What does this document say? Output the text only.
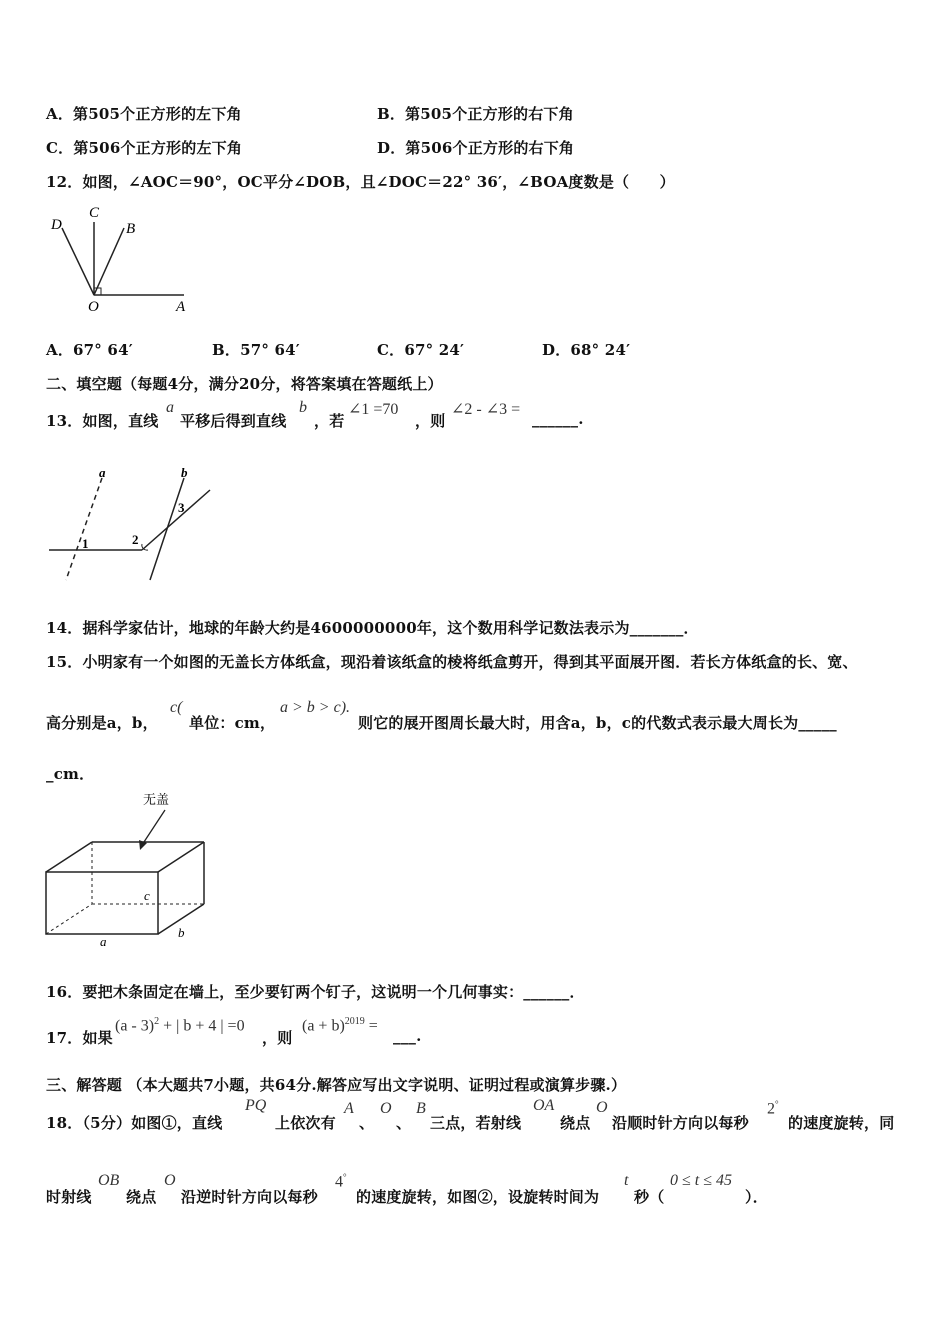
A．第505个正方形的左下角	B．第505个正方形的右下角
C．第506个正方形的左下角	D．第506个正方形的右下角
12．如图，∠AOC＝90°，OC平分∠DOB，且∠DOC＝22° 36′，∠BOA度数是（　　）
D
C
B
O	A
A．67° 64′	B．57° 64′	C．67° 24′	D．68° 24′
二、填空题（每题4分，满分20分，将答案填在答题纸上）
13．如图，直线
a
平移后得到直线
b
，若
∠1 =70
，则
∠2 - ∠3 =
______.
a	b
1	2
3
14．据科学家估计，地球的年龄大约是4600000000年，这个数用科学记数法表示为_______．
15．小明家有一个如图的无盖长方体纸盒，现沿着该纸盒的棱将纸盒剪开，得到其平面展开图．若长方体纸盒的长、宽、
高分别是a，b，
c(
单位：cm，
a > b > c).
则它的展开图周长最大时，用含a，b，c的代数式表示最大周长为_____
_cm．
无盖
a
b
c
16．要把木条固定在墙上，至少要钉两个钉子，这说明一个几何事实：______．
17．如果
(a - 3)$^2$ + | b + 4 | =0
，则
$(a + b)^{2019}$ =
___.
三、解答题 （本大题共7小题，共64分.解答应写出文字说明、证明过程或演算步骤.）
18．（5分）如图①，直线
PQ
上依次有
A
、
O
、
B
三点，若射线
OA
绕点
O
沿顺时针方向以每秒
2°
的速度旋转，同
时射线
OB
绕点
O
沿逆时针方向以每秒
4°
的速度旋转，如图②，设旋转时间为
t
秒（
0 ≤ t ≤ 45
）．
